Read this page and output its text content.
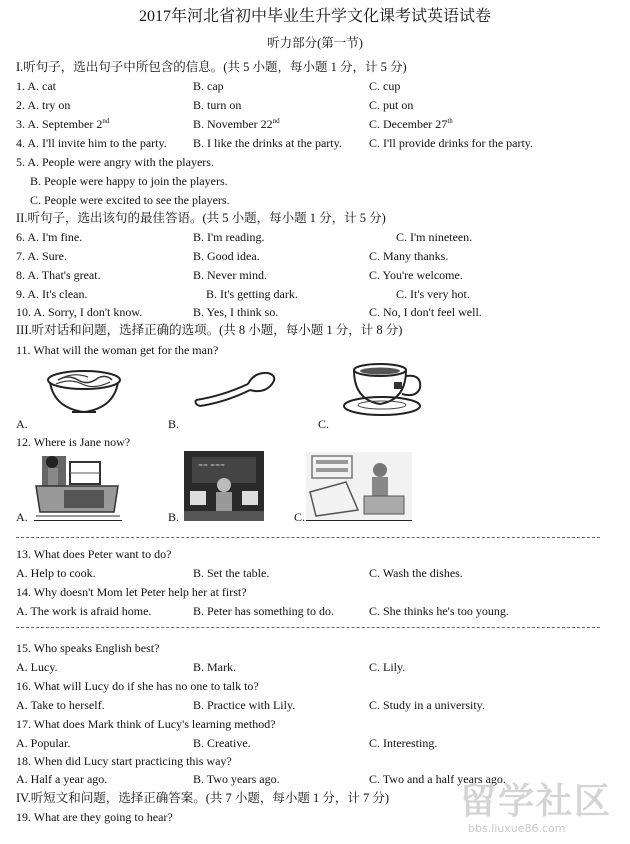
2017年河北省初中毕业生升学文化课考试英语试卷
听力部分(第一节)
I.听句子，选出句子中所包含的信息。(共 5 小题，每小题 1 分，计 5 分)
1. A. cat	B. cap	C. cup
2. A. try on	B. turn on	C. put on
3. A. September 2nd	B. November 22nd	C. December 27th
4. A. I'll invite him to the party. B. I like the drinks at the party. C. I'll provide drinks for the party.
5. A. People were angry with the players.
B. People were happy to join the players.
C. People were excited to see the players.
II.听句子，选出该句的最佳答语。(共 5 小题，每小题 1 分，计 5 分)
6. A. I'm fine.	B. I'm reading.	C. I'm nineteen.
7. A. Sure.	B. Good idea.	C. Many thanks.
8. A. That's great.	B. Never mind.	C. You're welcome.
9. A. It's clean.	B. It's getting dark.	C. It's very hot.
10. A. Sorry, I don't know.	B. Yes, I think so.	C. No, I don't feel well.
III.听对话和问题，选择正确的选项。(共 8 小题，每小题 1 分，计 8 分)
11. What will the woman get for the man?
A.	B.	C.
12. Where is Jane now?
≈≈ ≈≈≈
A.	B.	C.
13. What does Peter want to do?
A. Help to cook.	B. Set the table.	C. Wash the dishes.
14. Why doesn't Mom let Peter help her at first?
A. The work is afraid home.	B. Peter has something to do.	C. She thinks he's too young.
15. Who speaks English best?
A. Lucy.	B. Mark.	C. Lily.
16. What will Lucy do if she has no one to talk to?
A. Take to herself.	B. Practice with Lily.	C. Study in a university.
17. What does Mark think of Lucy's learning method?
A. Popular.	B. Creative.	C. Interesting.
18. When did Lucy start practicing this way?
A. Half a year ago.	B. Two years ago.	C. Two and a half years ago.
IV.听短文和问题，选择正确答案。(共 7 小题，每小题 1 分，计 7 分)
19. What are they going to hear?	留学社区
bbs.liuxue86.com
